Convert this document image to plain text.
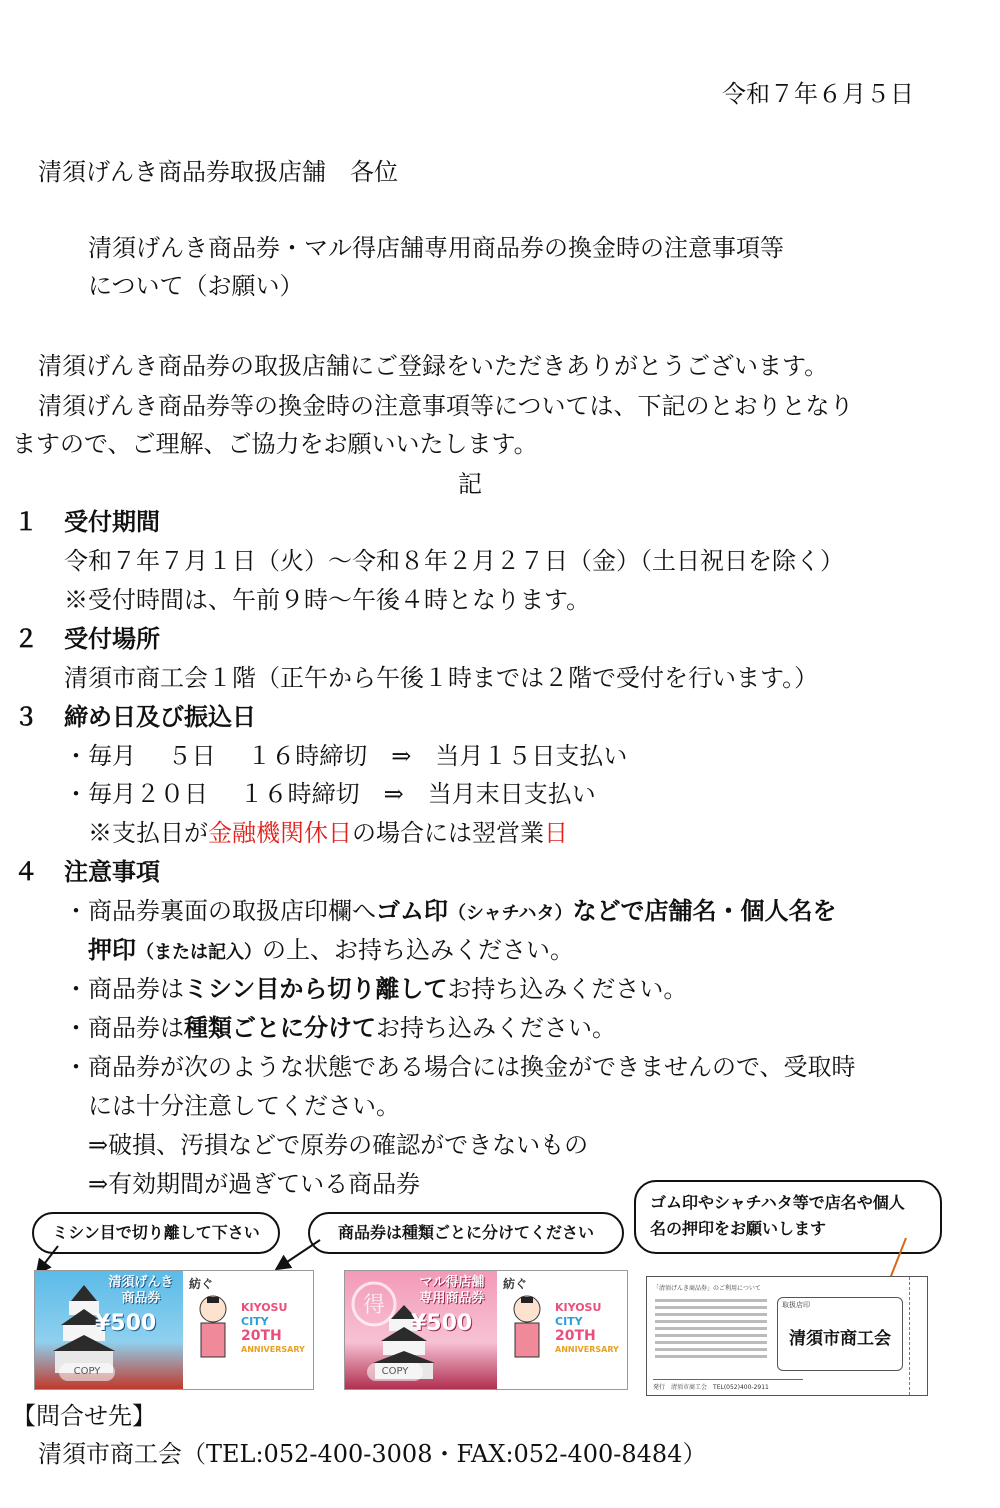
令和７年６月５日
清須げんき商品券取扱店舗　各位
清須げんき商品券・マル得店舗専用商品券の換金時の注意事項等
について（お願い）
清須げんき商品券の取扱店舗にご登録をいただきありがとうございます。
清須げんき商品券等の換金時の注意事項等については、下記のとおりとなり
ますので、ご理解、ご協力をお願いいたします。
記
１ 受付期間
令和７年７月１日（火）～令和８年２月２７日（金）（土日祝日を除く）
※受付時間は、午前９時～午後４時となります。
２ 受付場所
清須市商工会１階（正午から午後１時までは２階で受付を行います。）
３ 締め日及び振込日
・毎月　 ５日　 １６時締切　⇒　当月１５日支払い
・毎月２０日　 １６時締切　⇒　当月末日支払い
※支払日が金融機関休日の場合には翌営業日
４ 注意事項
・商品券裏面の取扱店印欄へゴム印（シャチハタ）などで店舗名・個人名を
押印（または記入）の上、お持ち込みください。
・商品券はミシン目から切り離してお持ち込みください。
・商品券は種類ごとに分けてお持ち込みください。
・商品券が次のような状態である場合には換金ができませんので、受取時
には十分注意してください。
⇒破損、汚損などで原券の確認ができないもの
⇒有効期間が過ぎている商品券
ミシン目で切り離して下さい	商品券は種類ごとに分けてください
ゴム印やシャチハタ等で店名や個人
名の押印をお願いします
清須げんき
商品券
¥500
COPY
紡ぐ
KIYOSU
CITY
20TH
ANNIVERSARY
得
マル得店舗
専用商品券
¥500
COPY
紡ぐ
KIYOSU
CITY
20TH
ANNIVERSARY
「清須げんき商品券」のご利用について
発行　 清須市商工会　TEL(052)400-2911
取扱店印
清須市商工会
【問合せ先】
清須市商工会（TEL:052-400-3008・FAX:052-400-8484）
